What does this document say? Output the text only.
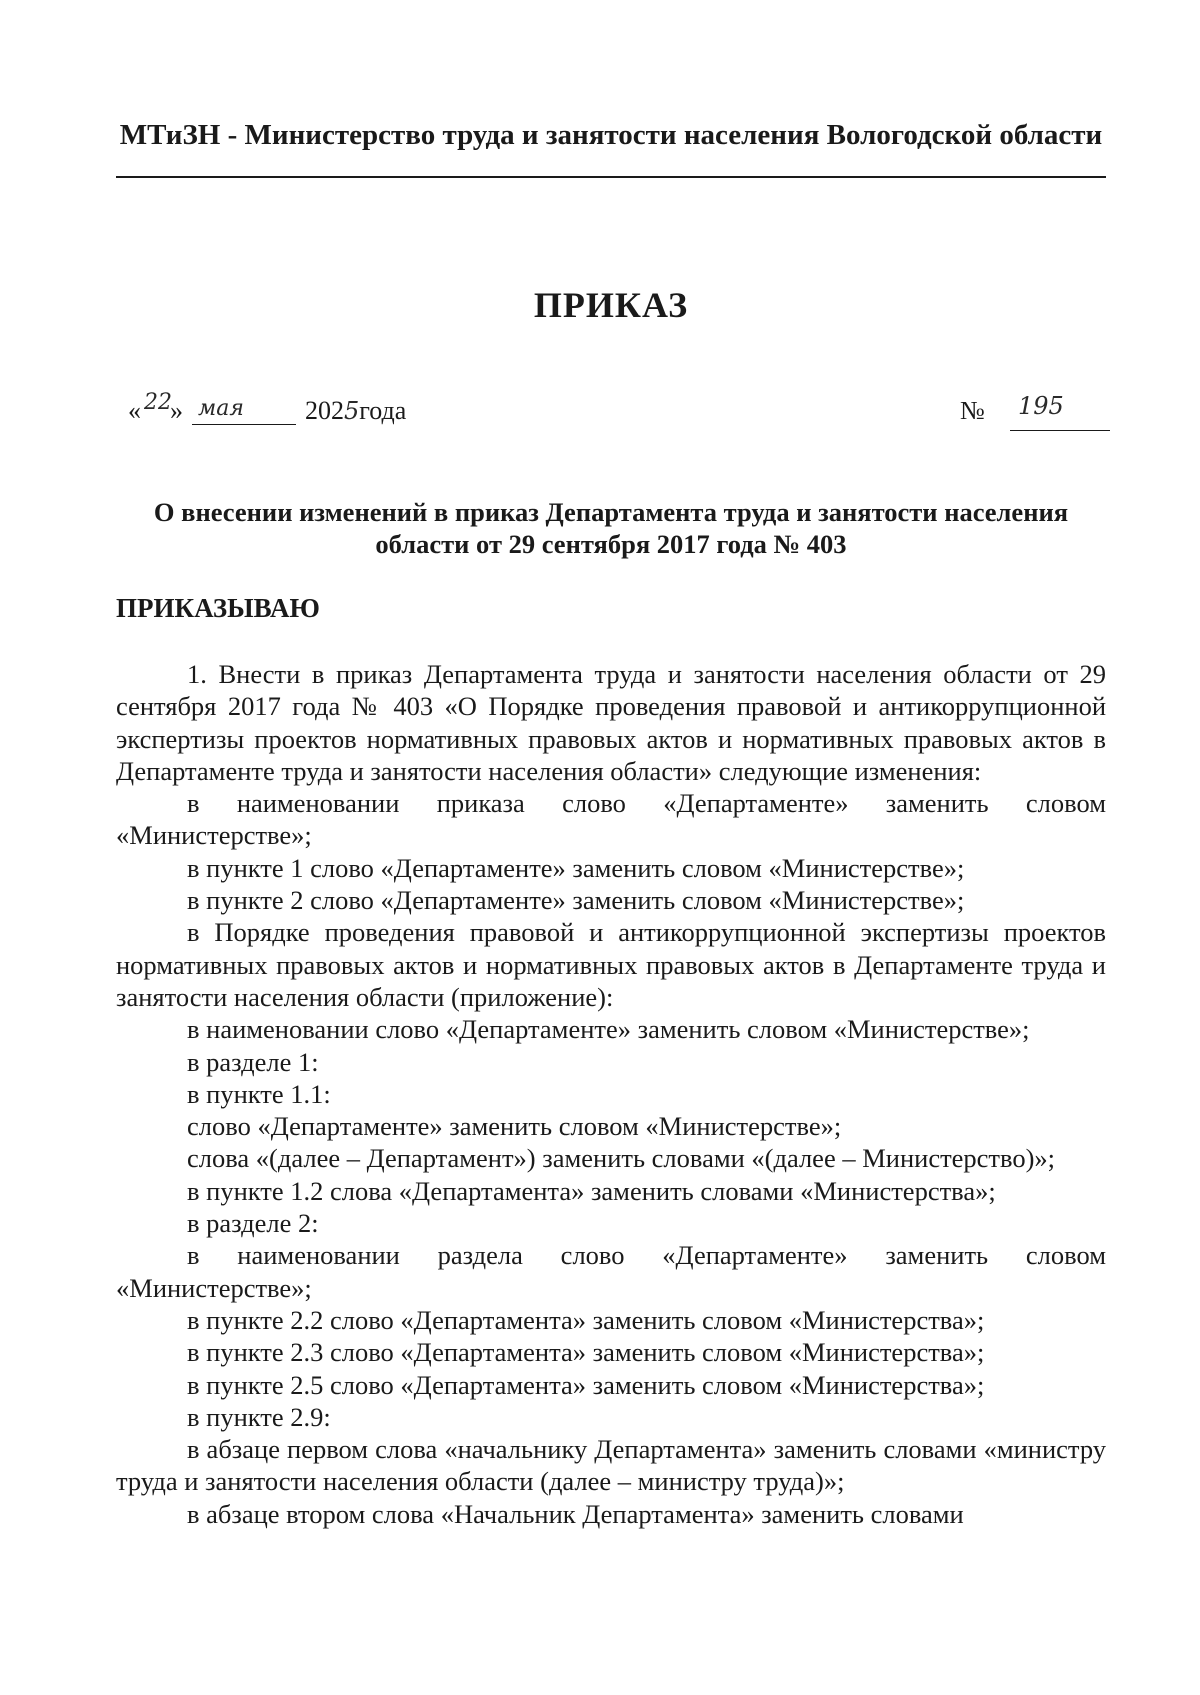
МТиЗН - Министерство труда и занятости населения Вологодской области
ПРИКАЗ
« 22
» мая 2025года	№ 195
О внесении изменений в приказ Департамента труда и занятости населения
области от 29 сентября 2017 года № 403
ПРИКАЗЫВАЮ

1. Внести в приказ Департамента труда и занятости населения области от 29 сентября 2017 года № 403 «О Порядке проведения правовой и антикоррупционной экспертизы проектов нормативных правовых актов и нормативных правовых актов в Департаменте труда и занятости населения области» следующие изменения:

в наименовании приказа слово «Департаменте» заменить словом «Министерстве»;

в пункте 1 слово «Департаменте» заменить словом «Министерстве»;

в пункте 2 слово «Департаменте» заменить словом «Министерстве»;

в Порядке проведения правовой и антикоррупционной экспертизы проектов нормативных правовых актов и нормативных правовых актов в Департаменте труда и занятости населения области (приложение):

в наименовании слово «Департаменте» заменить словом «Министерстве»;

в разделе 1:

в пункте 1.1:

слово «Департаменте» заменить словом «Министерстве»;

слова «(далее – Департамент») заменить словами «(далее – Министерство)»;

в пункте 1.2 слова «Департамента» заменить словами «Министерства»;

в разделе 2:

в наименовании раздела слово «Департаменте» заменить словом «Министерстве»;

в пункте 2.2 слово «Департамента» заменить словом «Министерства»;

в пункте 2.3 слово «Департамента» заменить словом «Министерства»;

в пункте 2.5 слово «Департамента» заменить словом «Министерства»;

в пункте 2.9:

в абзаце первом слова «начальнику Департамента» заменить словами «министру труда и занятости населения области (далее – министру труда)»;

в абзаце втором слова «Начальник Департамента» заменить словами
